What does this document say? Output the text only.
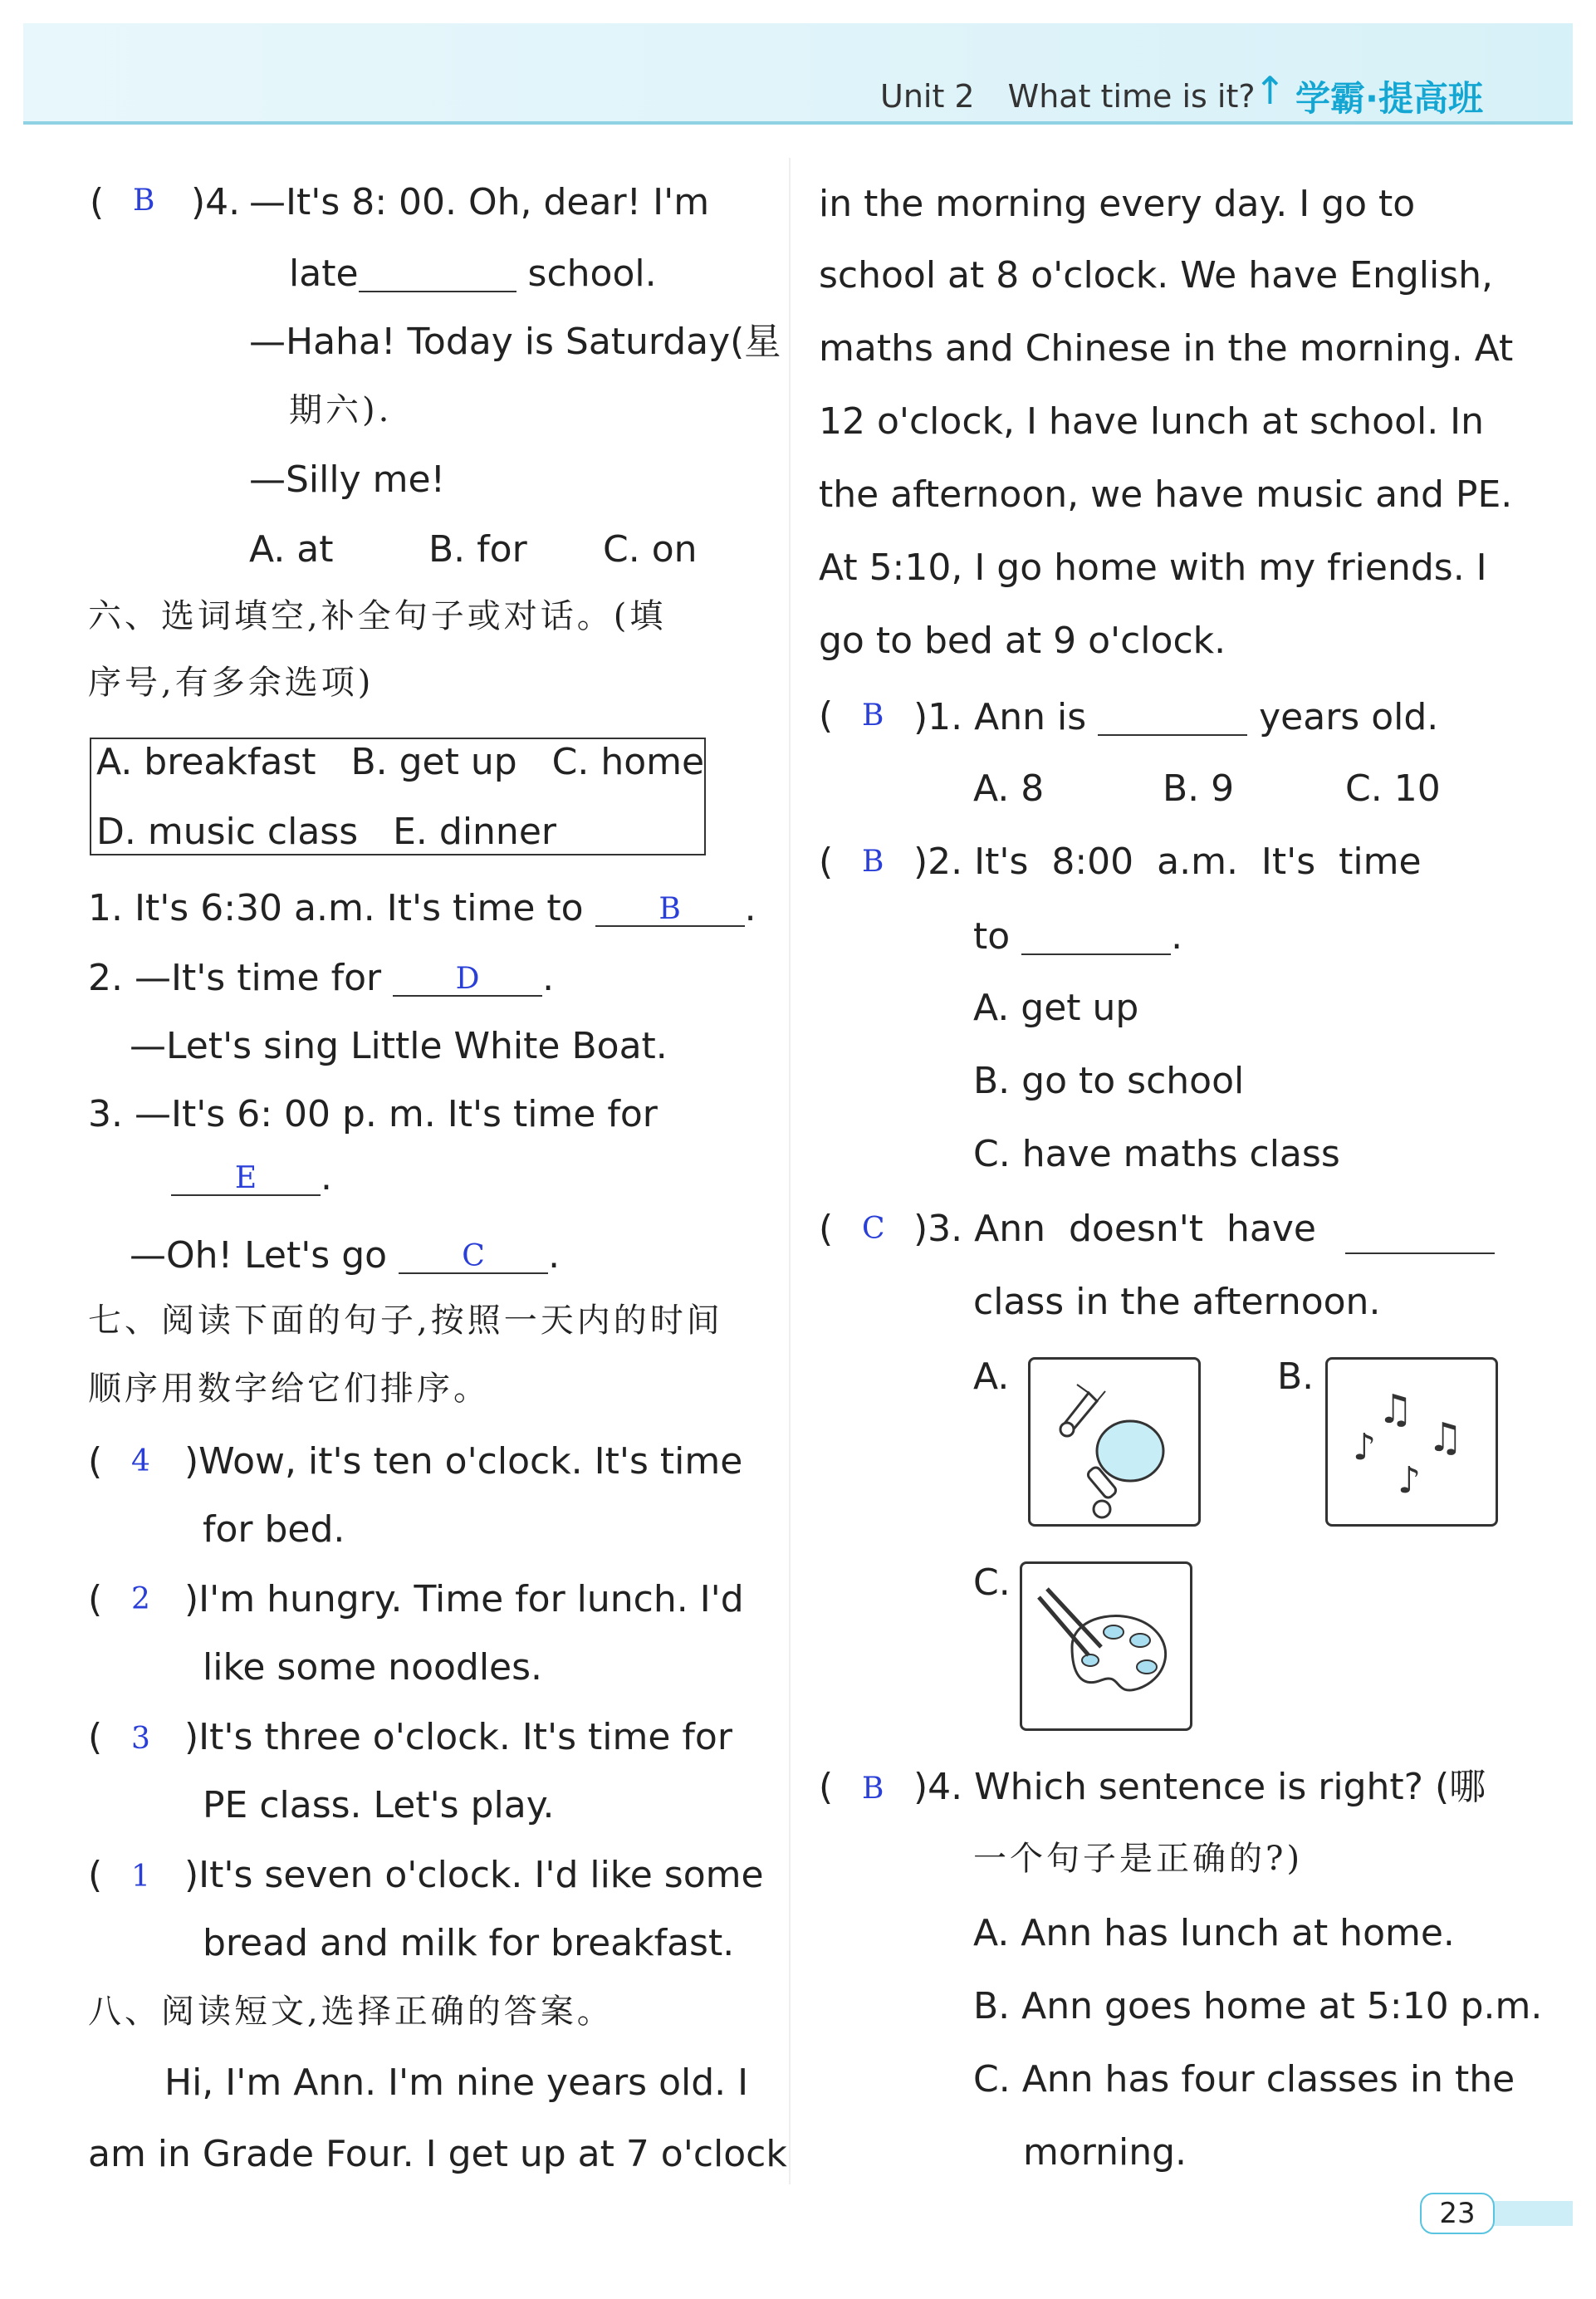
Unit 2 What time is it?
↑ 学霸·提高班
( B )4. —It's 8: 00. Oh, dear! I'm
late	school.
—Haha! Today is Saturday(星
期六).
—Silly me!
A. at	B. for C. on
六、选词填空,补全句子或对话。(填
序号,有多余选项)
A. breakfast   B. get up   C. home
D. music class   E. dinner
1. It's 6:30 a.m. It's time to	B .
2. —It's time for D .
—Let's sing Little White Boat.
3. —It's 6: 00 p. m. It's time for
E .
—Oh! Let's go	C .
七、阅读下面的句子,按照一天内的时间
顺序用数字给它们排序。
( 4 )Wow, it's ten o'clock. It's time
for bed.
( 2 )I'm hungry. Time for lunch. I'd
like some noodles.
( 3 )It's three o'clock. It's time for
PE class. Let's play.
( 1 )It's seven o'clock. I'd like some
bread and milk for breakfast.
八、阅读短文,选择正确的答案。
Hi, I'm Ann. I'm nine years old. I
am in Grade Four. I get up at 7 o'clock
in the morning every day. I go to
school at 8 o'clock. We have English,
maths and Chinese in the morning. At
12 o'clock, I have lunch at school. In
the afternoon, we have music and PE.
At 5:10, I go home with my friends. I
go to bed at 9 o'clock.
( B )1. Ann is	years old.
A. 8	B. 9	C. 10
( B )2. It's  8:00  a.m.  It's  time
to	.
A. get up
B. go to school
C. have maths class
( C )3. Ann  doesn't  have
class in the afternoon.
A.	B.
♫
♫
♪
♪
C.
( B )4. Which sentence is right? (哪
一个句子是正确的?)
A. Ann has lunch at home.
B. Ann goes home at 5:10 p.m.
C. Ann has four classes in the
morning.
23
